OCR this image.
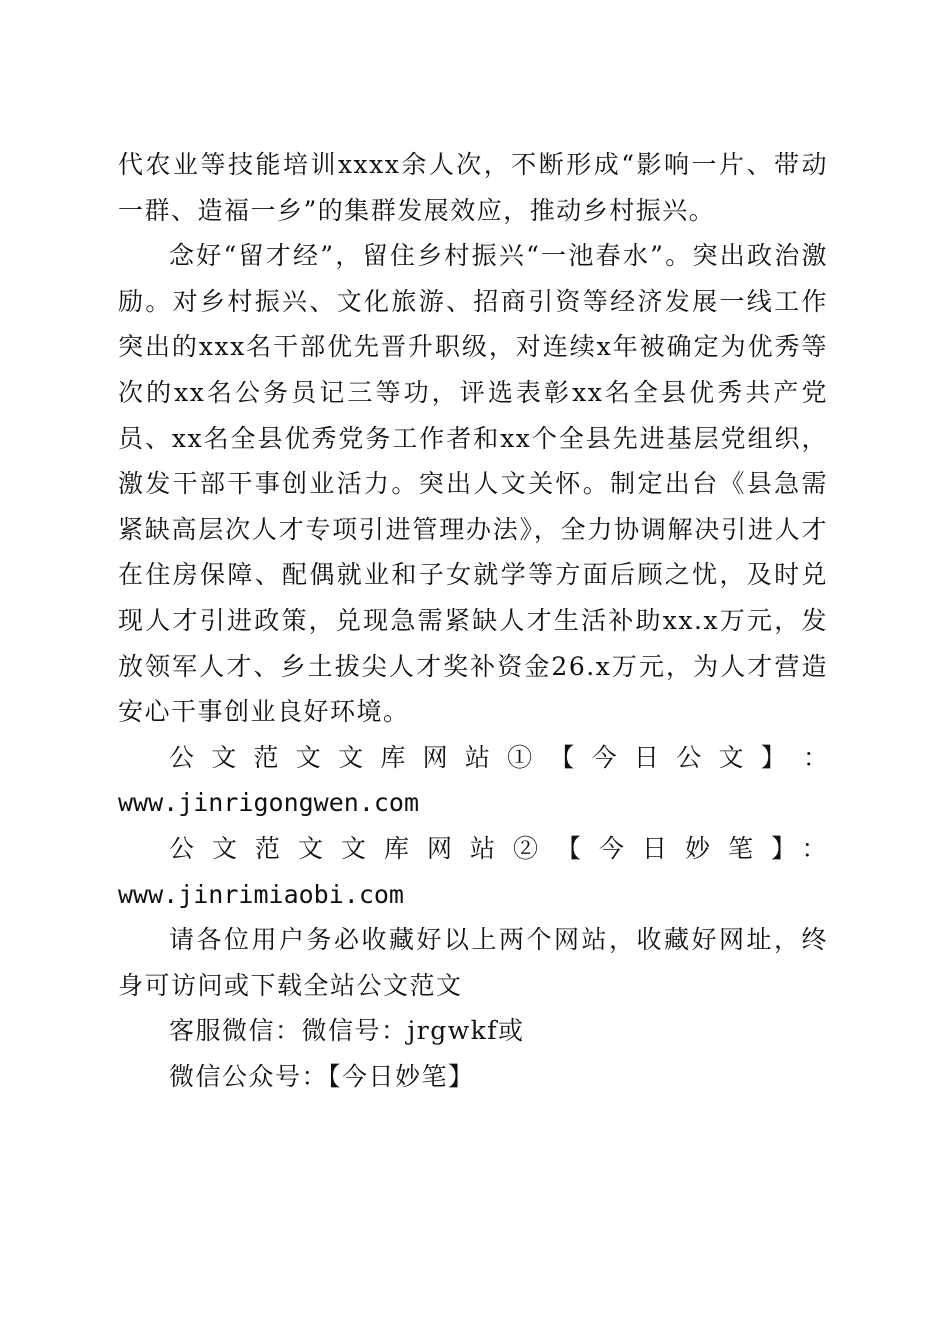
代农业等技能培训xxxx余人次，不断形成“影响一片、带动一群、造福一乡”的集群发展效应，推动乡村振兴。

念好“留才经”，留住乡村振兴“一池春水”。突出政治激励。对乡村振兴、文化旅游、招商引资等经济发展一线工作突出的xxx名干部优先晋升职级，对连续x年被确定为优秀等次的xx名公务员记三等功，评选表彰xx名全县优秀共产党员、xx名全县优秀党务工作者和xx个全县先进基层党组织，激发干部干事创业活力。突出人文关怀。制定出台《县急需紧缺高层次人才专项引进管理办法》，全力协调解决引进人才在住房保障、配偶就业和子女就学等方面后顾之忧，及时兑现人才引进政策，兑现急需紧缺人才生活补助xx.x万元，发放领军人才、乡土拔尖人才奖补资金26.x万元，为人才营造安心干事创业良好环境。

公 文 范 文 文 库 网 站 ① 【 今 日 公 文 】 ：

www.jinrigongwen.com

公文范文文库网站②【今日妙笔】：www.jinrimiaobi.com

请各位用户务必收藏好以上两个网站，收藏好网址，终身可访问或下载全站公文范文

客服微信：微信号：jrgwkf或

微信公众号：【今日妙笔】
